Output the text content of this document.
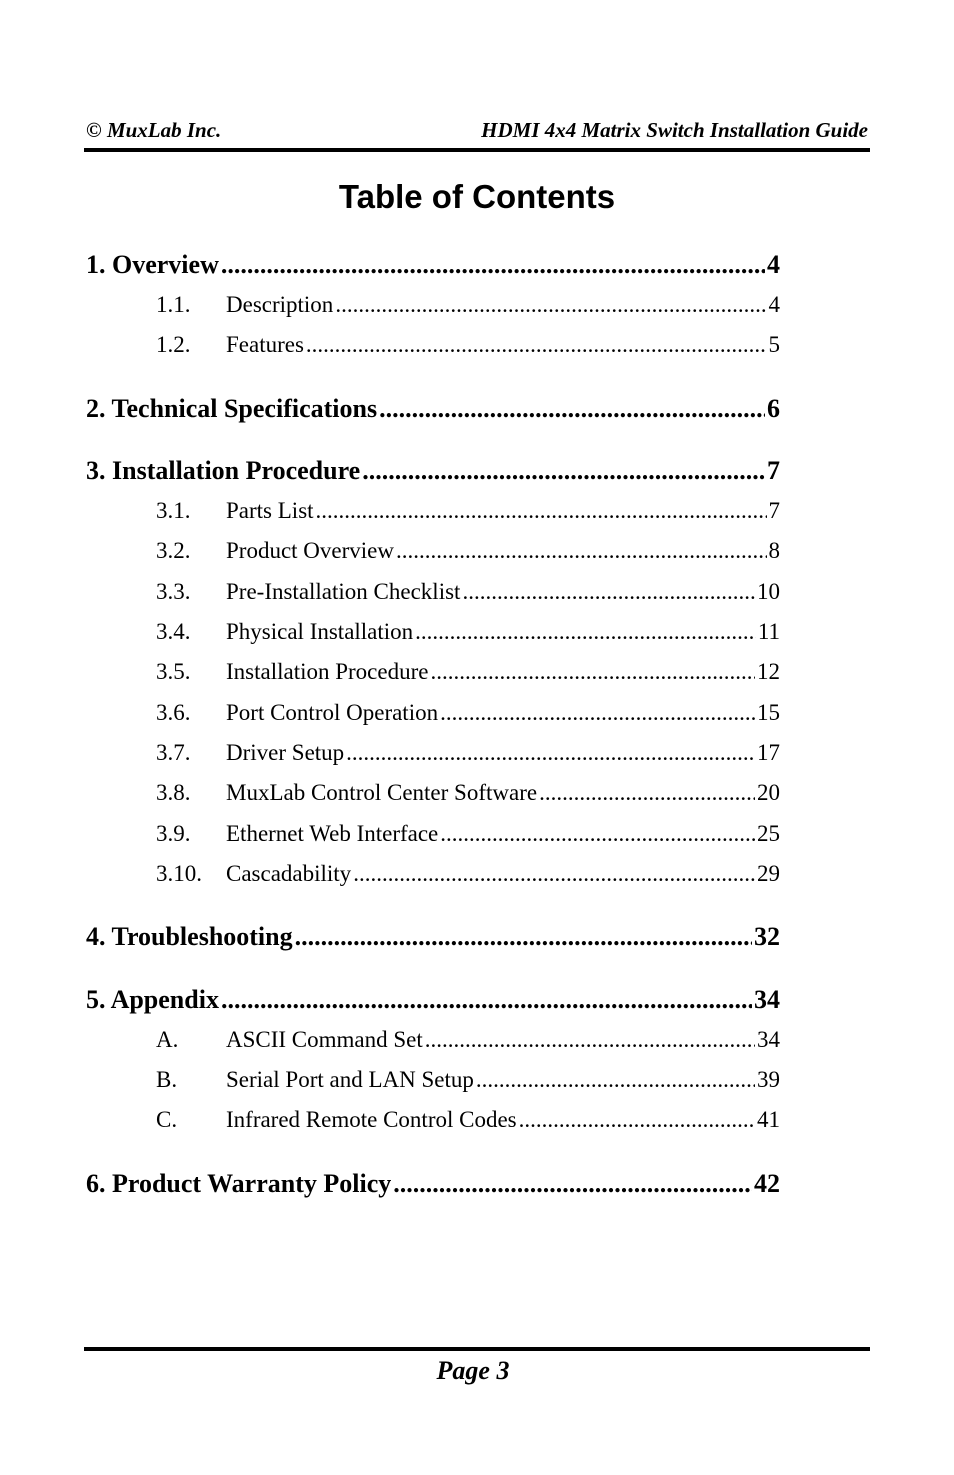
© MuxLab Inc.	HDMI 4x4 Matrix Switch Installation Guide
Table of Contents
1. Overview .....	4
1.1.	Description .....	4
1.2.	Features .....	5
2. Technical Specifications .....	6
3. Installation Procedure .....	7
3.1.	Parts List .....	7
3.2.	Product Overview .....	8
3.3.	Pre-Installation Checklist .....	10
3.4.	Physical Installation .....	11
3.5.	Installation Procedure .....	12
3.6.	Port Control Operation .....	15
3.7.	Driver Setup .....	17
3.8.	MuxLab Control Center Software .....	20
3.9.	Ethernet Web Interface .....	25
3.10.	Cascadability .....	29
4. Troubleshooting .....	32
5. Appendix .....	34
A.	ASCII Command Set .....	34
B.	Serial Port and LAN Setup .....	39
C.	Infrared Remote Control Codes .....	41
6. Product Warranty Policy .....	42
Page 3
